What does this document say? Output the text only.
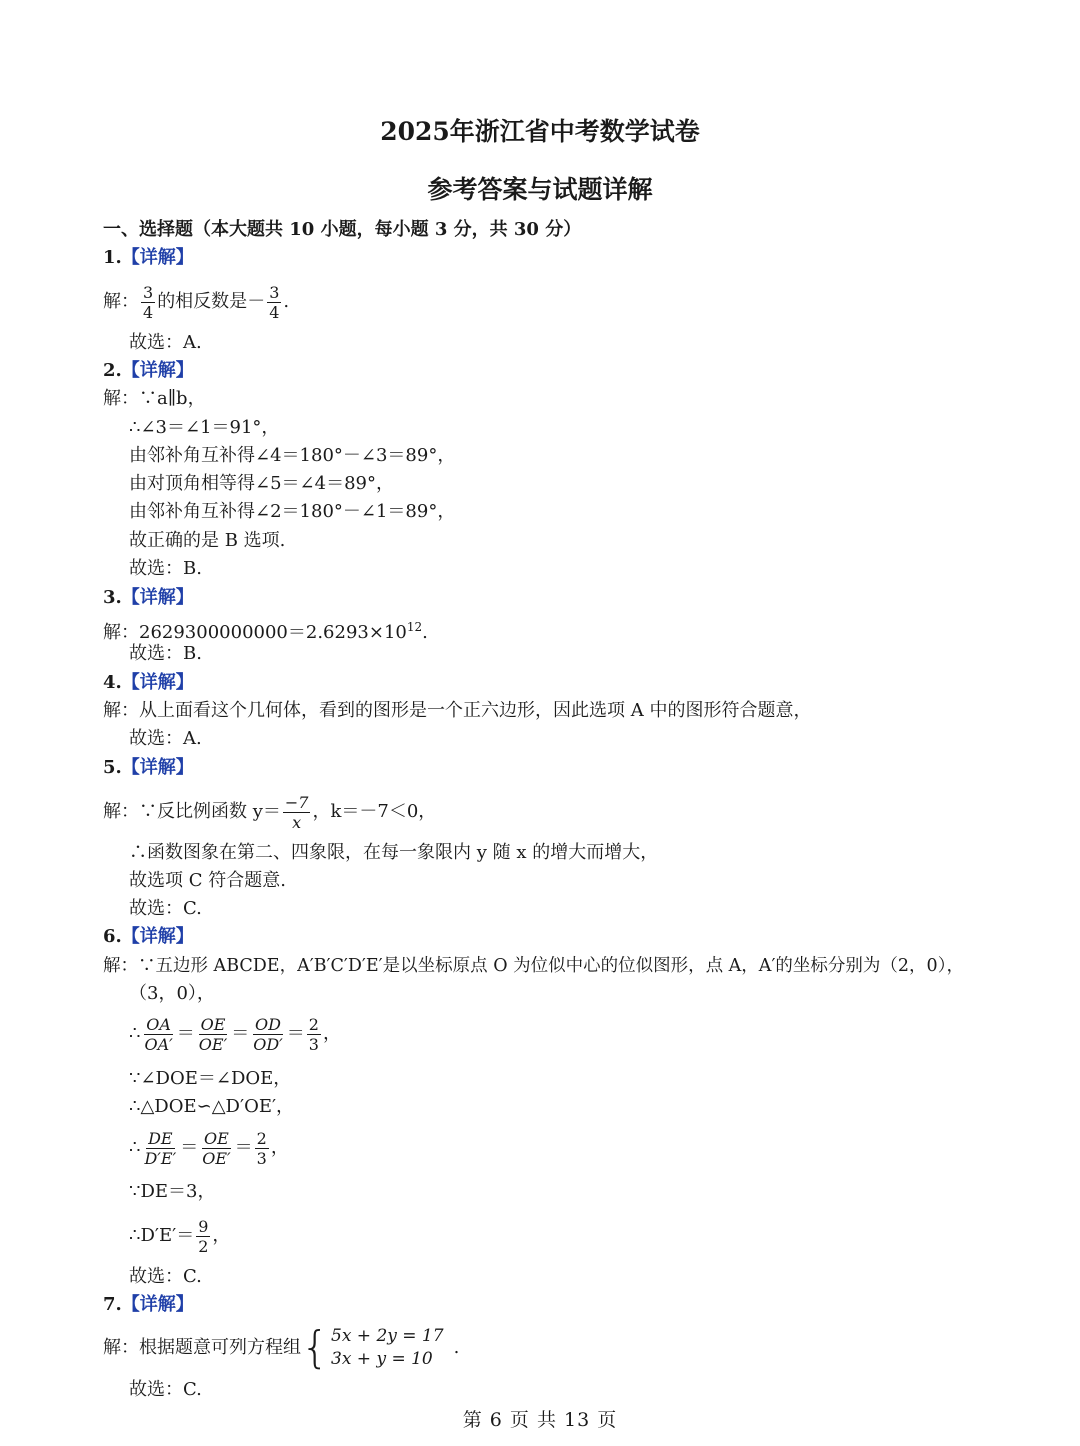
2025年浙江省中考数学试卷
参考答案与试题详解
一、选择题（本大题共 10 小题，每小题 3 分，共 30 分）
1.【详解】
解： $\frac{3}{4}$ 的相反数是－ $\frac{3}{4}$ .
故选：A.
2.【详解】
解：∵a∥b，
∴∠3＝∠1＝91°，
由邻补角互补得∠4＝180°－∠3＝89°，
由对顶角相等得∠5＝∠4＝89°，
由邻补角互补得∠2＝180°－∠1＝89°，
故正确的是 B 选项.
故选：B.
3.【详解】
解：$2629300000000=2.6293\times 10^{12}$.
故选：B.
4.【详解】
解：从上面看这个几何体，看到的图形是一个正六边形，因此选项 A 中的图形符合题意，
故选：A.
5.【详解】
解：∵反比例函数 $y= \frac{-7}{x}$ ，k＝－7＜0，
∴函数图象在第二、四象限，在每一象限内 y 随 x 的增大而增大，
故选项 C 符合题意.
故选：C.
6.【详解】
解：∵五边形 ABCDE，A′B′C′D′E′是以坐标原点 O 为位似中心的位似图形，点 A，A′的坐标分别为（2，0），
（3，0），
∴ $\frac{OA}{OA'} = \frac{OE}{OE'} = \frac{OD}{OD'} = \frac{2}{3}$ ，
∵∠DOE＝∠DOE，
∴△DOE∽△D′OE′，
∴ $\frac{DE}{D'E'} = \frac{OE}{OE'} = \frac{2}{3}$ ，
∵DE＝3，
∴D′E′＝ $\frac{9}{2}$ ，
故选：C.
7.【详解】
解：根据题意可列方程组 { 5x + 2y = 17
3x + y = 10
.
故选：C.
第 6 页 共 13 页
